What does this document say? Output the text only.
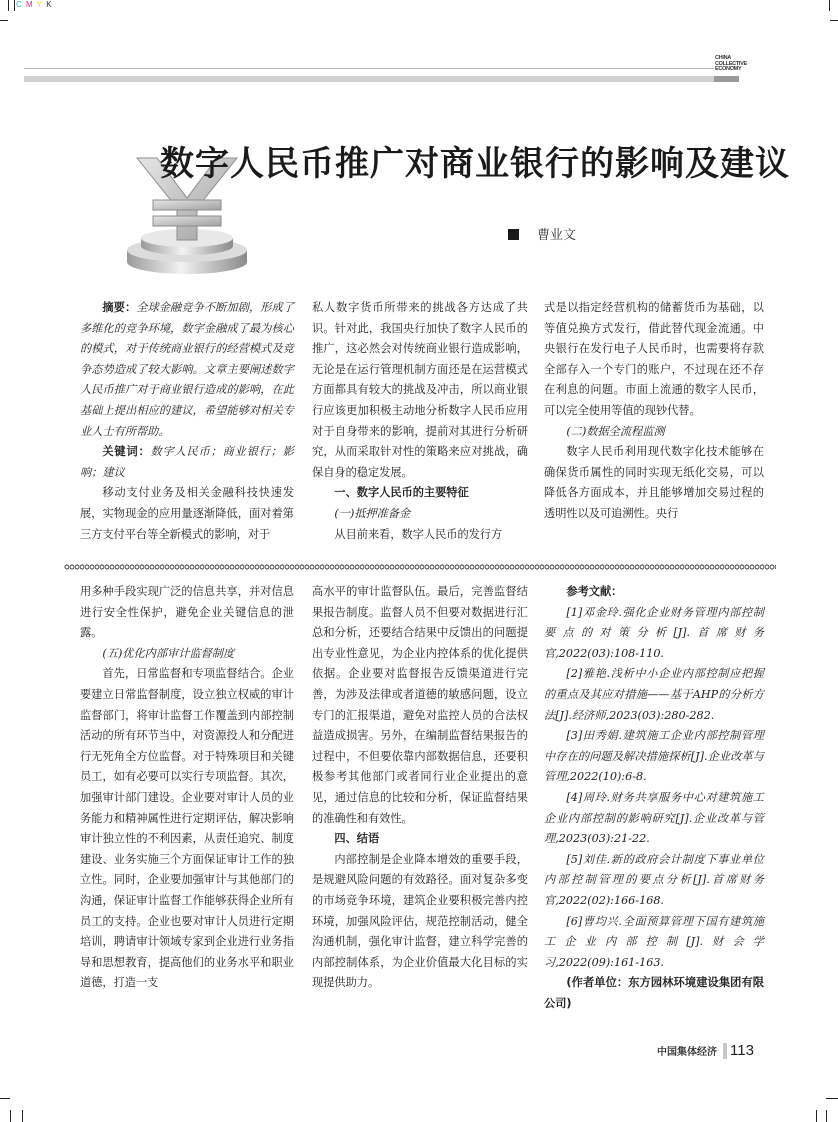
C M Y K
CHINA
COLLECTIVE
ECONOMY
数字人民币推广对商业银行的影响及建议
曹业文

摘要：全球金融竞争不断加剧，形成了多维化的竞争环境，数字金融成了最为核心的模式，对于传统商业银行的经营模式及竞争态势造成了较大影响。文章主要阐述数字人民币推广对于商业银行造成的影响，在此基础上提出相应的建议，希望能够对相关专业人士有所帮助。

关键词：数字人民币；商业银行；影响；建议

移动支付业务及相关金融科技快速发展，实物现金的应用量逐渐降低，面对着第三方支付平台等全新模式的影响，对于

私人数字货币所带来的挑战各方达成了共识。针对此，我国央行加快了数字人民币的推广，这必然会对传统商业银行造成影响，无论是在运行管理机制方面还是在运营模式方面都具有较大的挑战及冲击，所以商业银行应该更加积极主动地分析数字人民币应用对于自身带来的影响，提前对其进行分析研究，从而采取针对性的策略来应对挑战，确保自身的稳定发展。

一、数字人民币的主要特征

(一)抵押准备金

从目前来看，数字人民币的发行方

式是以指定经营机构的储蓄货币为基础，以等值兑换方式发行，借此替代现金流通。中央银行在发行电子人民币时，也需要将存款全部存入一个专门的账户，不过现在还不存在利息的问题。市面上流通的数字人民币，可以完全使用等值的现钞代替。

(二)数据全流程监测

数字人民币利用现代数字化技术能够在确保货币属性的同时实现无纸化交易，可以降低各方面成本，并且能够增加交易过程的透明性以及可追溯性。央行

用多种手段实现广泛的信息共享，并对信息进行安全性保护，避免企业关键信息的泄露。

(五)优化内部审计监督制度

首先，日常监督和专项监督结合。企业要建立日常监督制度，设立独立权威的审计监督部门，将审计监督工作覆盖到内部控制活动的所有环节当中，对资源投人和分配进行无死角全方位监督。对于特殊项目和关键员工，如有必要可以实行专项监督。其次，加强审计部门建设。企业要对审计人员的业务能力和精神属性进行定期评估，解决影响审计独立性的不利因素，从责任追究、制度建设、业务实施三个方面保证审计工作的独立性。同时，企业要加强审计与其他部门的沟通，保证审计监督工作能够获得企业所有员工的支持。企业也要对审计人员进行定期培训，聘请审计领域专家到企业进行业务指导和思想教育，提高他们的业务水平和职业道德，打造一支

高水平的审计监督队伍。最后，完善监督结果报告制度。监督人员不但要对数据进行汇总和分析，还要结合结果中反馈出的问题提出专业性意见，为企业内控体系的优化提供依据。企业要对监督报告反馈渠道进行完善，为涉及法律或者道德的敏感问题，设立专门的汇报渠道，避免对监控人员的合法权益造成损害。另外，在编制监督结果报告的过程中，不但要依靠内部数据信息，还要积极参考其他部门或者同行业企业提出的意见，通过信息的比较和分析，保证监督结果的准确性和有效性。

四、结语

内部控制是企业降本增效的重要手段，是规避风险问题的有效路径。面对复杂多变的市场竞争环境，建筑企业要积极完善内控环境，加强风险评估，规范控制活动，健全沟通机制，强化审计监督，建立科学完善的内部控制体系，为企业价值最大化目标的实现提供助力。

参考文献：

[1]邓金玲.强化企业财务管理内部控制要点的对策分析[J].首席财务官,2022(03):108-110.

[2]雅艳.浅析中小企业内部控制应把握的重点及其应对措施——基于AHP的分析方法[J].经济师,2023(03):280-282.

[3]田秀娟.建筑施工企业内部控制管理中存在的问题及解决措施探析[J].企业改革与管理,2022(10):6-8.

[4]周玲.财务共享服务中心对建筑施工企业内部控制的影响研究[J].企业改革与管理,2023(03):21-22.

[5]刘佳.新的政府会计制度下事业单位内部控制管理的要点分析[J].首席财务官,2022(02):166-168.

[6]曹均兴.全面预算管理下国有建筑施工企业内部控制[J].财会学习,2022(09):161-163.

(作者单位：东方园林环境建设集团有限公司)

中国集体经济 113
